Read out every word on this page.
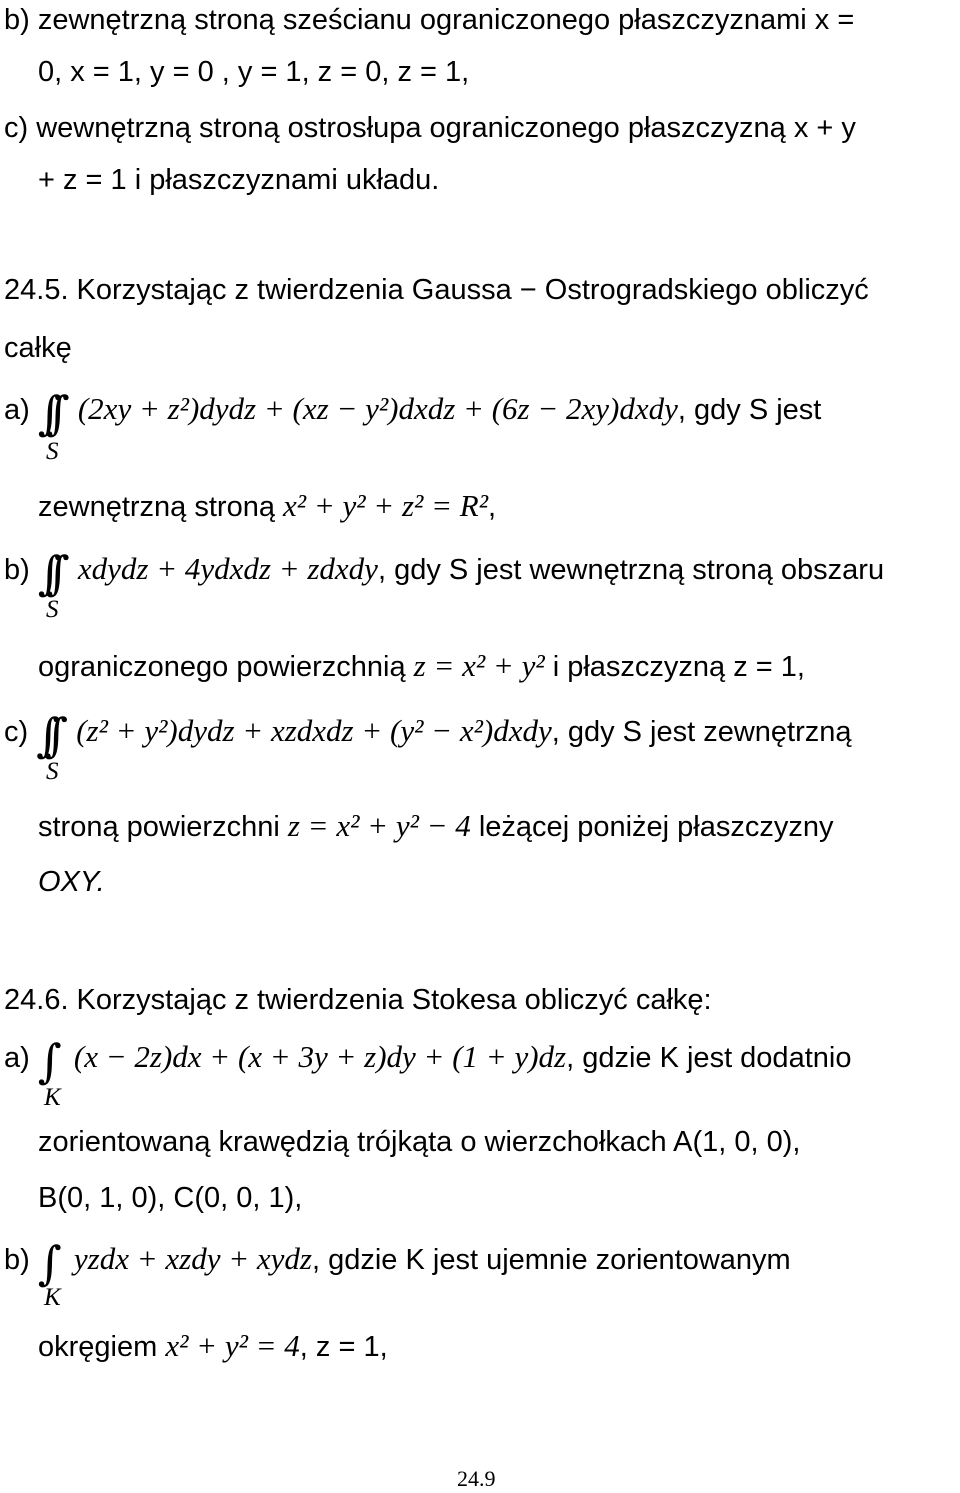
b) zewnętrzną stroną sześcianu ograniczonego płaszczyznami x =
0, x = 1, y = 0 , y = 1, z = 0, z = 1,
c) wewnętrzną stroną ostrosłupa ograniczonego płaszczyzną x + y
+ z = 1 i płaszczyznami układu.
24.5. Korzystając z twierdzenia Gaussa − Ostrogradskiego obliczyć
całkę
a) ∫∫ (2xy + z²)dydz + (xz − y²)dxdz + (6z − 2xy)dxdy, gdy S jest
S
zewnętrzną stroną x² + y² + z² = R²,
b) ∫∫ xdydz + 4ydxdz + zdxdy, gdy S jest wewnętrzną stroną obszaru
S
ograniczonego powierzchnią z = x² + y² i płaszczyzną z = 1,
c) ∫∫ (z² + y²)dydz + xzdxdz + (y² − x²)dxdy, gdy S jest zewnętrzną
S
stroną powierzchni z = x² + y² − 4 leżącej poniżej płaszczyzny
OXY.
24.6. Korzystając z twierdzenia Stokesa obliczyć całkę:
a) ∫ (x − 2z)dx + (x + 3y + z)dy + (1 + y)dz, gdzie K jest dodatnio
K
zorientowaną krawędzią trójkąta o wierzchołkach A(1, 0, 0),
B(0, 1, 0), C(0, 0, 1),
b) ∫ yzdx + xzdy + xydz, gdzie K jest ujemnie zorientowanym
K
okręgiem x² + y² = 4, z = 1,
24.9
